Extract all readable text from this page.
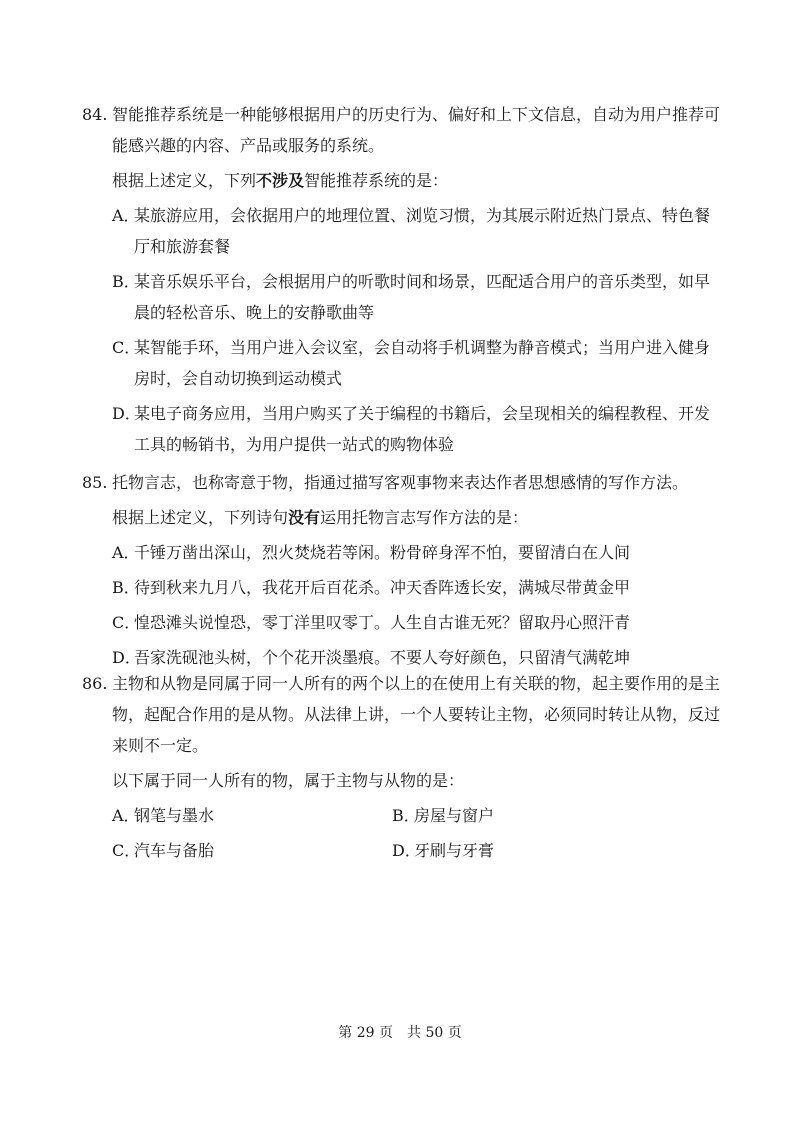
84. 智能推荐系统是一种能够根据用户的历史行为、偏好和上下文信息，自动为用户推荐可
能感兴趣的内容、产品或服务的系统。
根据上述定义，下列不涉及智能推荐系统的是：
A．
某旅游应用，会依据用户的地理位置、浏览习惯，为其展示附近热门景点、特色餐厅和旅游套餐
B．
某音乐娱乐平台，会根据用户的听歌时间和场景，匹配适合用户的音乐类型，如早晨的轻松音乐、晚上的安静歌曲等
C．
某智能手环，当用户进入会议室，会自动将手机调整为静音模式；当用户进入健身房时，会自动切换到运动模式
D．
某电子商务应用，当用户购买了关于编程的书籍后，会呈现相关的编程教程、开发工具的畅销书，为用户提供一站式的购物体验
85. 托物言志，也称寄意于物，指通过描写客观事物来表达作者思想感情的写作方法。
根据上述定义，下列诗句没有运用托物言志写作方法的是：
A．
千锤万凿出深山，烈火焚烧若等闲。粉骨碎身浑不怕，要留清白在人间
B．
待到秋来九月八，我花开后百花杀。冲天香阵透长安，满城尽带黄金甲
C．
惶恐滩头说惶恐，零丁洋里叹零丁。人生自古谁无死？留取丹心照汗青
D．
吾家洗砚池头树，个个花开淡墨痕。不要人夸好颜色，只留清气满乾坤
86. 主物和从物是同属于同一人所有的两个以上的在使用上有关联的物，起主要作用的是主
物，起配合作用的是从物。从法律上讲，一个人要转让主物，必须同时转让从物，反过
来则不一定。
以下属于同一人所有的物，属于主物与从物的是：
A．
钢笔与墨水	B．
房屋与窗户
C．
汽车与备胎	D．
牙刷与牙膏
第 29 页　共 50 页
